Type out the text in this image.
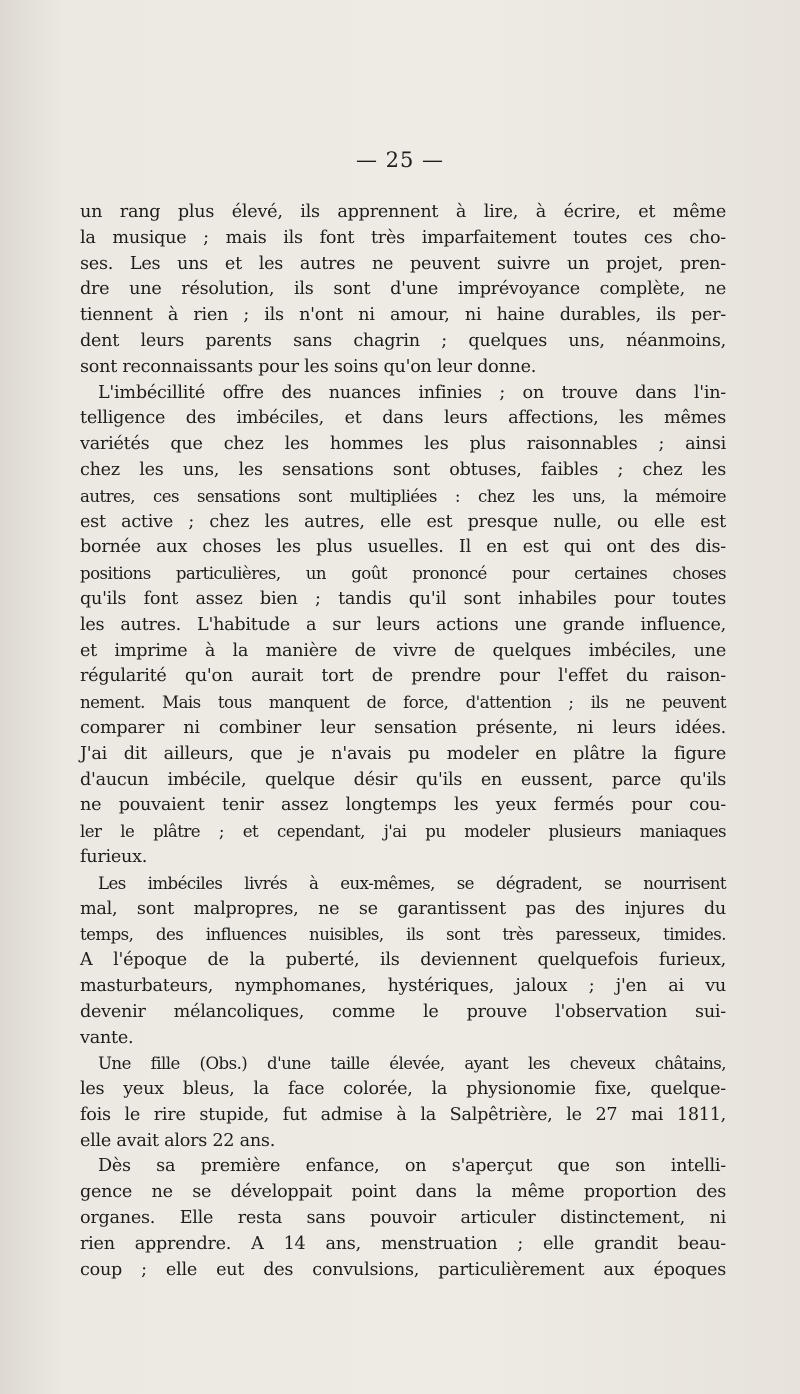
— 25 —
un rang plus élevé, ils apprennent à lire, à écrire, et même
la musique ; mais ils font très imparfaitement toutes ces cho-
ses. Les uns et les autres ne peuvent suivre un projet, pren-
dre une résolution, ils sont d'une imprévoyance complète, ne
tiennent à rien ; ils n'ont ni amour, ni haine durables, ils per-
dent leurs parents sans chagrin ; quelques uns, néanmoins,
sont reconnaissants pour les soins qu'on leur donne.
L'imbécillité offre des nuances infinies ; on trouve dans l'in-
telligence des imbéciles, et dans leurs affections, les mêmes
variétés que chez les hommes les plus raisonnables ; ainsi
chez les uns, les sensations sont obtuses, faibles ; chez les
autres, ces sensations sont multipliées : chez les uns, la mémoire
est active ; chez les autres, elle est presque nulle, ou elle est
bornée aux choses les plus usuelles. Il en est qui ont des dis-
positions particulières, un goût prononcé pour certaines choses
qu'ils font assez bien ; tandis qu'il sont inhabiles pour toutes
les autres. L'habitude a sur leurs actions une grande influence,
et imprime à la manière de vivre de quelques imbéciles, une
régularité qu'on aurait tort de prendre pour l'effet du raison-
nement. Mais tous manquent de force, d'attention ; ils ne peuvent
comparer ni combiner leur sensation présente, ni leurs idées.
J'ai dit ailleurs, que je n'avais pu modeler en plâtre la figure
d'aucun imbécile, quelque désir qu'ils en eussent, parce qu'ils
ne pouvaient tenir assez longtemps les yeux fermés pour cou-
ler le plâtre ; et cependant, j'ai pu modeler plusieurs maniaques
furieux.
Les imbéciles livrés à eux-mêmes, se dégradent, se nourrisent
mal, sont malpropres, ne se garantissent pas des injures du
temps, des influences nuisibles, ils sont très paresseux, timides.
A l'époque de la puberté, ils deviennent quelquefois furieux,
masturbateurs, nymphomanes, hystériques, jaloux ; j'en ai vu
devenir mélancoliques, comme le prouve l'observation sui-
vante.
Une fille (Obs.) d'une taille élevée, ayant les cheveux châtains,
les yeux bleus, la face colorée, la physionomie fixe, quelque-
fois le rire stupide, fut admise à la Salpêtrière, le 27 mai 1811,
elle avait alors 22 ans.
Dès sa première enfance, on s'aperçut que son intelli-
gence ne se développait point dans la même proportion des
organes. Elle resta sans pouvoir articuler distinctement, ni
rien apprendre. A 14 ans, menstruation ; elle grandit beau-
coup ; elle eut des convulsions, particulièrement aux époques
